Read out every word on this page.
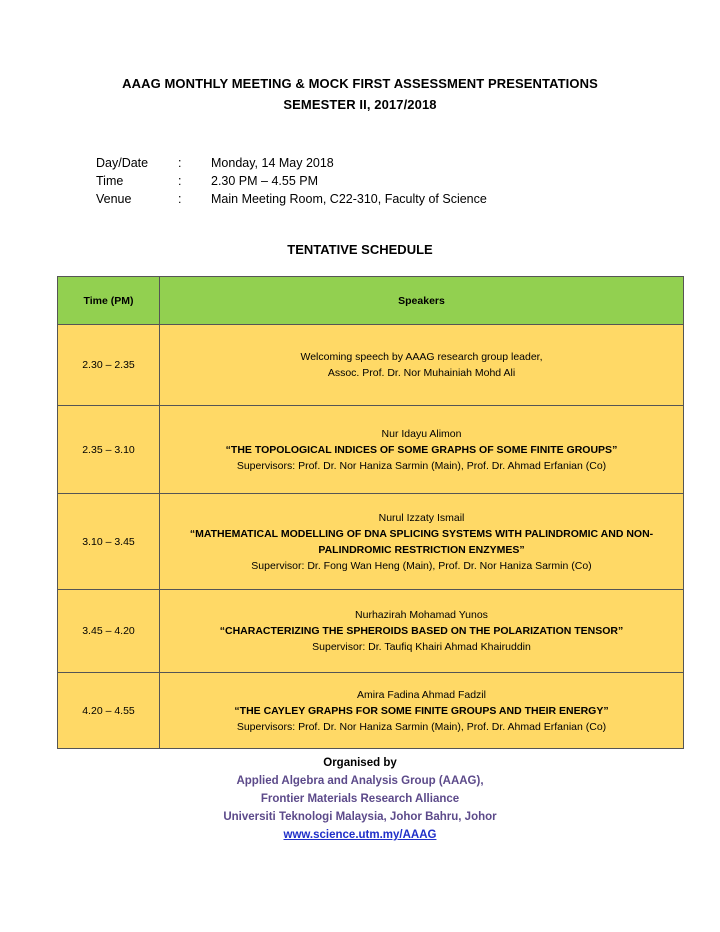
AAAG MONTHLY MEETING & MOCK FIRST ASSESSMENT PRESENTATIONS
SEMESTER II, 2017/2018
Day/Date	:	Monday, 14 May 2018
Time	:	2.30 PM – 4.55 PM
Venue	:	Main Meeting Room, C22-310, Faculty of Science
TENTATIVE SCHEDULE
Time (PM)	Speakers
2.30 – 2.35	Welcoming speech by AAAG research group leader,
Assoc. Prof. Dr. Nor Muhainiah Mohd Ali

2.35 – 3.10	Nur Idayu Alimon
“THE TOPOLOGICAL INDICES OF SOME GRAPHS OF SOME FINITE GROUPS”
Supervisors: Prof. Dr. Nor Haniza Sarmin (Main), Prof. Dr. Ahmad Erfanian (Co)

3.10 – 3.45	Nurul Izzaty Ismail
“MATHEMATICAL MODELLING OF DNA SPLICING SYSTEMS WITH PALINDROMIC AND NON-
PALINDROMIC RESTRICTION ENZYMES”
Supervisor: Dr. Fong Wan Heng (Main), Prof. Dr. Nor Haniza Sarmin (Co)

3.45 – 4.20	Nurhazirah Mohamad Yunos
“CHARACTERIZING THE SPHEROIDS BASED ON THE POLARIZATION TENSOR”
Supervisor: Dr. Taufiq Khairi Ahmad Khairuddin

4.20 – 4.55	Amira Fadina Ahmad Fadzil
“THE CAYLEY GRAPHS FOR SOME FINITE GROUPS AND THEIR ENERGY”
Supervisors: Prof. Dr. Nor Haniza Sarmin (Main), Prof. Dr. Ahmad Erfanian (Co)
Organised by
Applied Algebra and Analysis Group (AAAG),
Frontier Materials Research Alliance
Universiti Teknologi Malaysia, Johor Bahru, Johor
www.science.utm.my/AAAG
